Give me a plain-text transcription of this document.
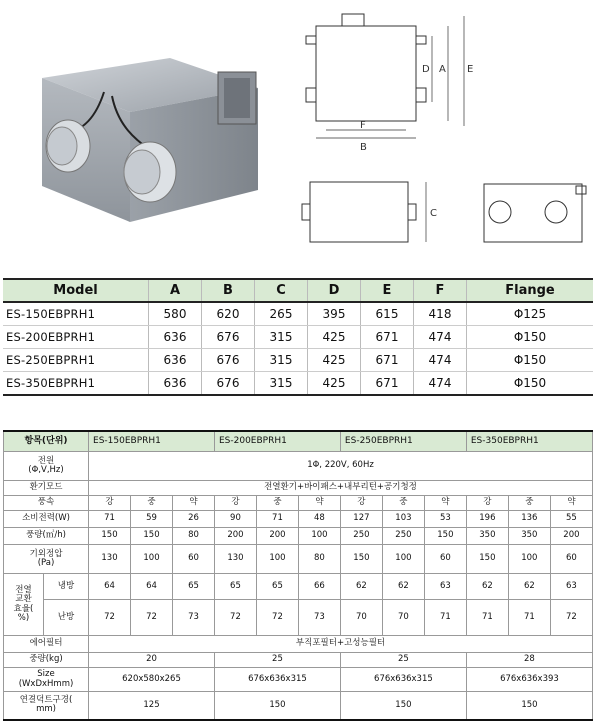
F
B
D A E
C
Model	A	B	C	D	E	F	Flange
ES-150EBPRH1	580	620	265	395	615	418	Φ125
ES-200EBPRH1	636	676	315	425	671	474	Φ150
ES-250EBPRH1	636	676	315	425	671	474	Φ150
ES-350EBPRH1	636	676	315	425	671	474	Φ150
항목(단위)		ES-150EBPRH1			ES-200EBPRH1			ES-250EBPRH1			ES-350EBPRH1		
전원
(Φ,V,Hz)		1Φ, 220V, 60Hz											
환기모드		전열환기+바이패스+내부리턴+공기청정											
풍속		강	중	약	강	중	약	강	중	약	강	중	약
소비전력(W)		71	59	26	90	71	48	127	103	53	196	136	55
풍량(㎥/h)		150	150	80	200	200	100	250	250	150	350	350	200
기외정압
(Pa)		130	100	60	130	100	80	150	100	60	150	100	60
전열
교환
효율(
%)	냉방	64	64	65	65	65	66	62	62	63	62	62	63
	난방	72	72	73	72	72	73	70	70	71	71	71	72
에어필터		부직포필터+고성능필터											
중량(kg)		20			25			25			28		
Size
(WxDxHmm)		620x580x265			676x636x315			676x636x315			676x636x393		
연결덕트구경(
mm)		125			150			150			150		
